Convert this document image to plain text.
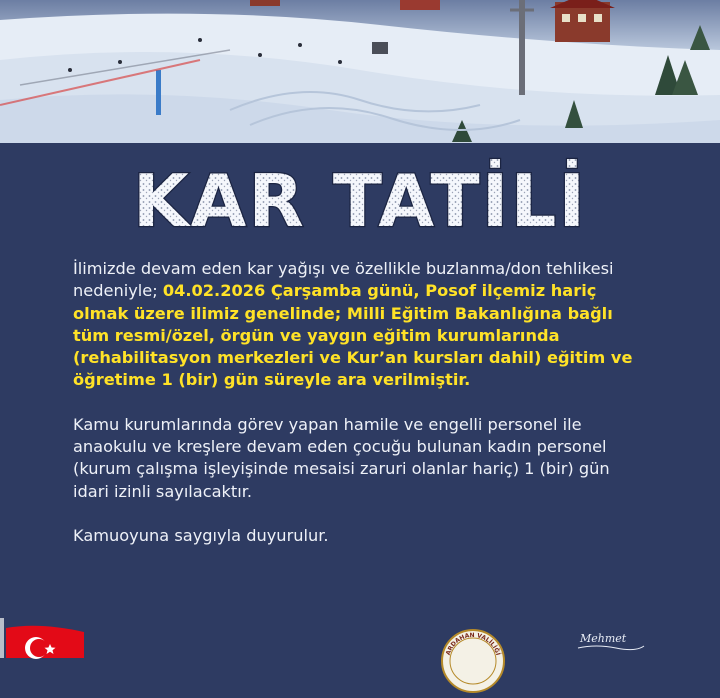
KAR TATİLİ

İlimizde devam eden kar yağışı ve özellikle buzlanma/don tehlikesi nedeniyle; 04.02.2026 Çarşamba günü, Posof ilçemiz hariç olmak üzere ilimiz genelinde; Milli Eğitim Bakanlığına bağlı tüm resmi/özel, örgün ve yaygın eğitim kurumlarında (rehabilitasyon merkezleri ve Kur’an kursları dahil) eğitim ve öğretime 1 (bir) gün süreyle ara verilmiştir.

Kamu kurumlarında görev yapan hamile ve engelli personel ile anaokulu ve kreşlere devam eden çocuğu bulunan kadın personel (kurum çalışma işleyişinde mesaisi zaruri olanlar hariç) 1 (bir) gün idari izinli sayılacaktır.

Kamuoyuna saygıyla duyurulur.

ARDAHAN VALİLİĞİ
Mehmet
